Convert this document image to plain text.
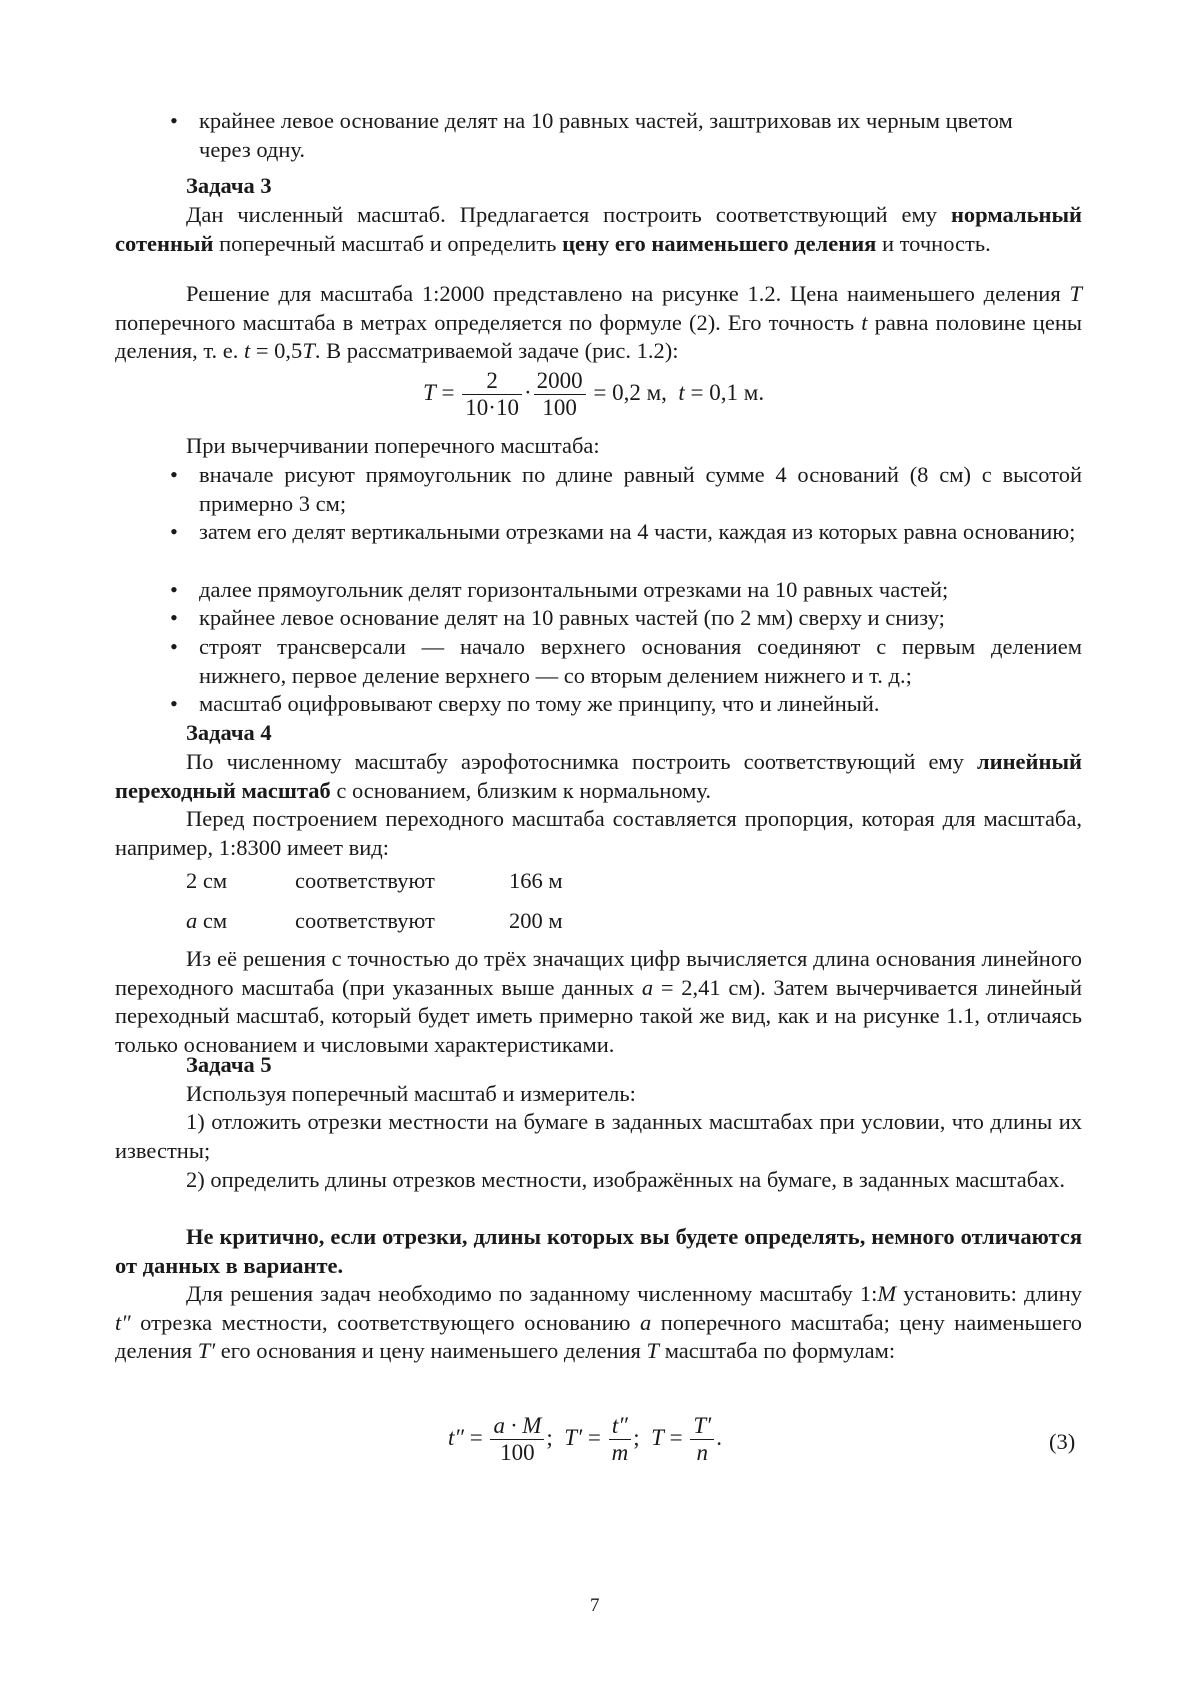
• крайнее левое основание делят на 10 равных частей, заштриховав их черным цветом
через одну.

Задача 3

Дан численный масштаб. Предлагается построить соответствующий ему нормальный сотенный поперечный масштаб и определить цену его наименьшего деления и точность.

Решение для масштаба 1:2000 представлено на рисунке 1.2. Цена наименьшего деления T поперечного масштаба в метрах определяется по формуле (2). Его точность t равна половине цены деления, т. е. t = 0,5T. В рассматриваемой задаче (рис. 1.2):

$T = \frac{2}{10\cdot 10} \cdot \frac{2000}{100} = 0,2$ м, t = 0,1 м.

При вычерчивании поперечного масштаба:

• вначале рисуют прямоугольник по длине равный сумме 4 оснований (8 см) с высотой примерно 3 см;

• затем его делят вертикальными отрезками на 4 части, каждая из которых равна основанию;

• далее прямоугольник делят горизонтальными отрезками на 10 равных частей;

• крайнее левое основание делят на 10 равных частей (по 2 мм) сверху и снизу;

• строят трансверсали — начало верхнего основания соединяют с первым делением нижнего, первое деление верхнего — со вторым делением нижнего и т. д.;

• масштаб оцифровывают сверху по тому же принципу, что и линейный.

Задача 4

По численному масштабу аэрофотоснимка построить соответствующий ему линейный переходный масштаб с основанием, близким к нормальному.

Перед построением переходного масштаба составляется пропорция, которая для масштаба, например, 1:8300 имеет вид:

2 см	соответствуют	166 м
a см	соответствуют	200 м

Из её решения с точностью до трёх значащих цифр вычисляется длина основания линейного переходного масштаба (при указанных выше данных a = 2,41 см). Затем вычерчивается линейный переходный масштаб, который будет иметь примерно такой же вид, как и на рисунке 1.1, отличаясь только основанием и числовыми характеристиками.

Задача 5

Используя поперечный масштаб и измеритель:

1) отложить отрезки местности на бумаге в заданных масштабах при условии, что длины их известны;

2) определить длины отрезков местности, изображённых на бумаге, в заданных масштабах.

Не критично, если отрезки, длины которых вы будете определять, немного отличаются от данных в варианте.

Для решения задач необходимо по заданному численному масштабу 1:M установить: длину t″ отрезка местности, соответствующего основанию a поперечного масштаба; цену наименьшего деления T′ его основания и цену наименьшего деления T масштаба по формулам:

$t'' = \frac{a \cdot M}{100}$ ; $T' = \frac{t''}{m}$ ; $T = \frac{T'}{n}$ .	(3)
7
